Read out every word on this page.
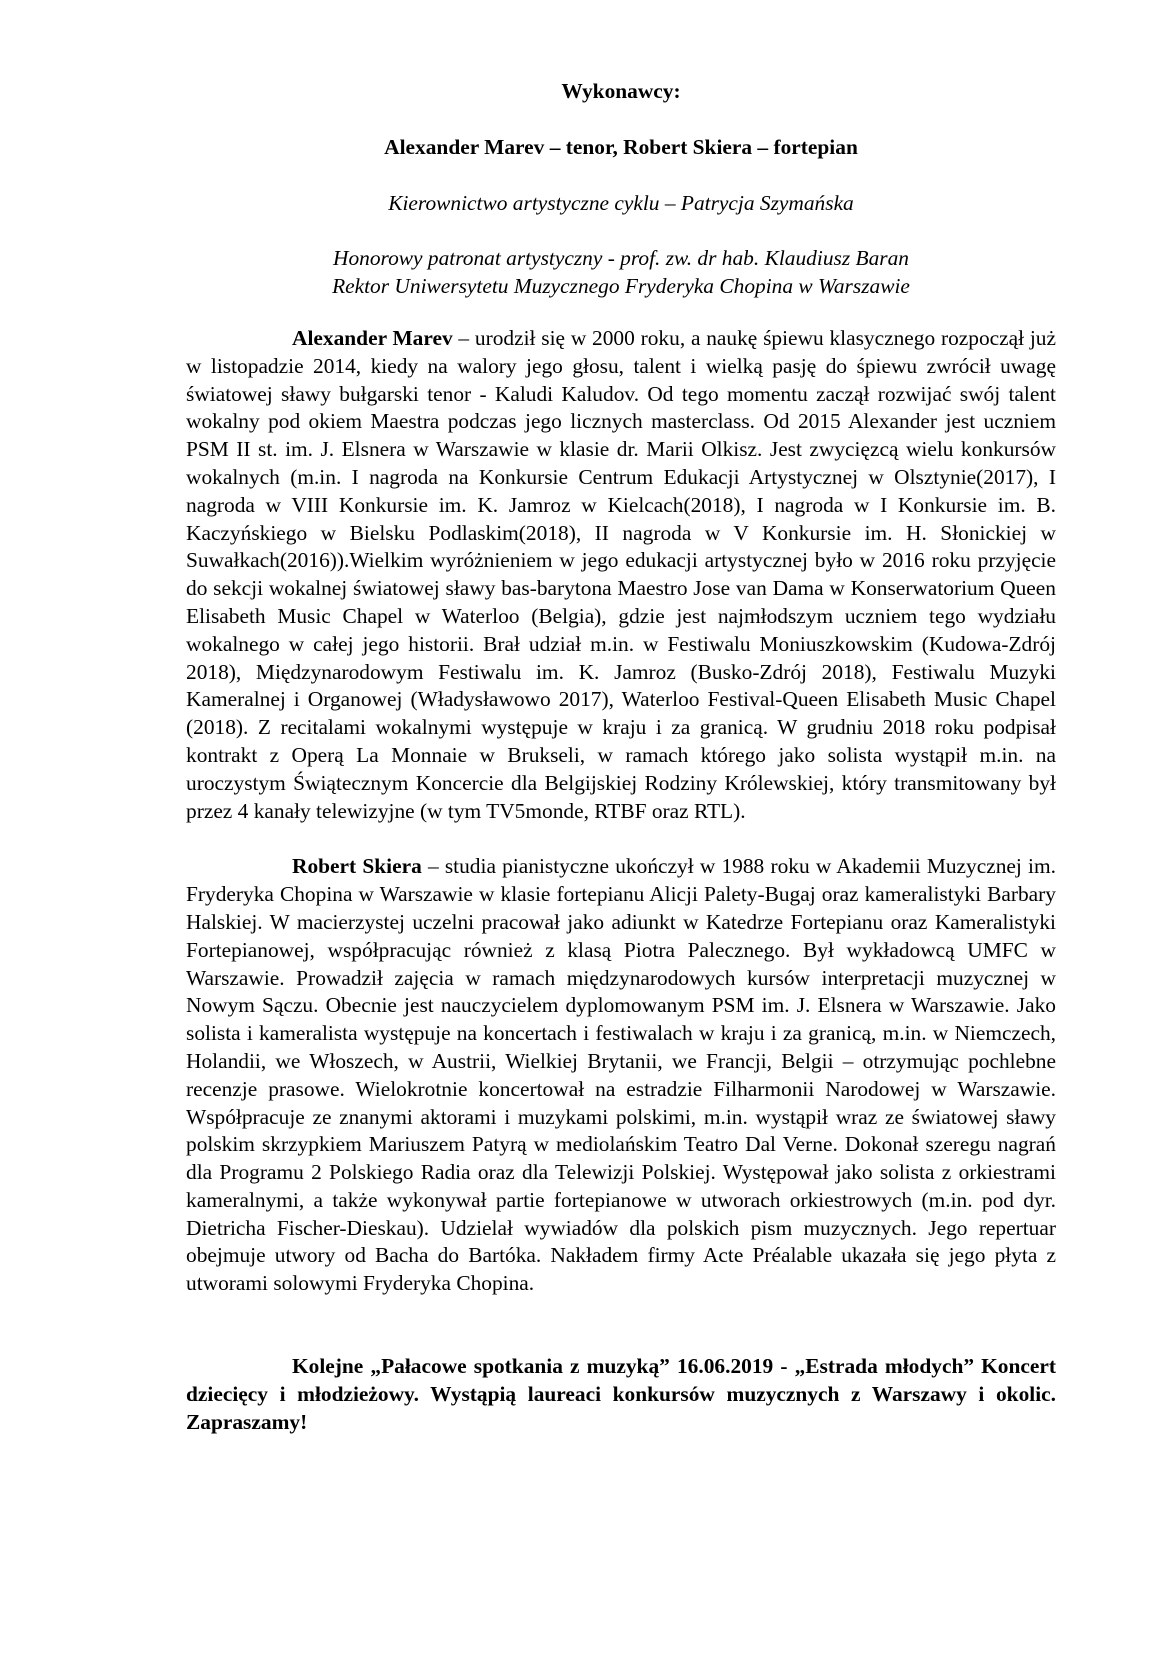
Wykonawcy:

Alexander Marev – tenor, Robert Skiera – fortepian

Kierownictwo artystyczne cyklu – Patrycja Szymańska

Honorowy patronat artystyczny - prof. zw. dr hab. Klaudiusz Baran

Rektor Uniwersytetu Muzycznego Fryderyka Chopina w Warszawie

Alexander Marev – urodził się w 2000 roku, a naukę śpiewu klasycznego rozpoczął już w listopadzie 2014, kiedy na walory jego głosu, talent i wielką pasję do śpiewu zwrócił uwagę światowej sławy bułgarski tenor - Kaludi Kaludov. Od tego momentu zaczął rozwijać swój talent wokalny pod okiem Maestra podczas jego licznych masterclass. Od 2015 Alexander jest uczniem PSM II st. im. J. Elsnera w Warszawie w klasie dr. Marii Olkisz. Jest zwycięzcą wielu konkursów wokalnych (m.in. I nagroda na Konkursie Centrum Edukacji Artystycznej w Olsztynie(2017), I nagroda w VIII Konkursie im. K. Jamroz w Kielcach(2018), I nagroda w I Konkursie im. B. Kaczyńskiego w Bielsku Podlaskim(2018), II nagroda w V Konkursie im. H. Słonickiej w Suwałkach(2016)).Wielkim wyróżnieniem w jego edukacji artystycznej było w 2016 roku przyjęcie do sekcji wokalnej światowej sławy bas-barytona Maestro Jose van Dama w Konserwatorium Queen Elisabeth Music Chapel w Waterloo (Belgia), gdzie jest najmłodszym uczniem tego wydziału wokalnego w całej jego historii. Brał udział m.in. w Festiwalu Moniuszkowskim (Kudowa-Zdrój 2018), Międzynarodowym Festiwalu im. K. Jamroz (Busko-Zdrój 2018), Festiwalu Muzyki Kameralnej i Organowej (Władysławowo 2017), Waterloo Festival-Queen Elisabeth Music Chapel (2018). Z recitalami wokalnymi występuje w kraju i za granicą. W grudniu 2018 roku podpisał kontrakt z Operą La Monnaie w Brukseli, w ramach którego jako solista wystąpił m.in. na uroczystym Świątecznym Koncercie dla Belgijskiej Rodziny Królewskiej, który transmitowany był przez 4 kanały telewizyjne (w tym TV5monde, RTBF oraz RTL).

Robert Skiera – studia pianistyczne ukończył w 1988 roku w Akademii Muzycznej im. Fryderyka Chopina w Warszawie w klasie fortepianu Alicji Palety-Bugaj oraz kameralistyki Barbary Halskiej. W macierzystej uczelni pracował jako adiunkt w Katedrze Fortepianu oraz Kameralistyki Fortepianowej, współpracując również z klasą Piotra Palecznego. Był wykładowcą UMFC w Warszawie. Prowadził zajęcia w ramach międzynarodowych kursów interpretacji muzycznej w Nowym Sączu. Obecnie jest nauczycielem dyplomowanym PSM im. J. Elsnera w Warszawie. Jako solista i kameralista występuje na koncertach i festiwalach w kraju i za granicą, m.in. w Niemczech, Holandii, we Włoszech, w Austrii, Wielkiej Brytanii, we Francji, Belgii – otrzymując pochlebne recenzje prasowe. Wielokrotnie koncertował na estradzie Filharmonii Narodowej w Warszawie. Współpracuje ze znanymi aktorami i muzykami polskimi, m.in. wystąpił wraz ze światowej sławy polskim skrzypkiem Mariuszem Patyrą w mediolańskim Teatro Dal Verne. Dokonał szeregu nagrań dla Programu 2 Polskiego Radia oraz dla Telewizji Polskiej. Występował jako solista z orkiestrami kameralnymi, a także wykonywał partie fortepianowe w utworach orkiestrowych (m.in. pod dyr. Dietricha Fischer-Dieskau). Udzielał wywiadów dla polskich pism muzycznych. Jego repertuar obejmuje utwory od Bacha do Bartóka. Nakładem firmy Acte Préalable ukazała się jego płyta z utworami solowymi Fryderyka Chopina.

Kolejne „Pałacowe spotkania z muzyką” 16.06.2019 - „Estrada młodych” Koncert dziecięcy i młodzieżowy. Wystąpią laureaci konkursów muzycznych z Warszawy i okolic. Zapraszamy!
